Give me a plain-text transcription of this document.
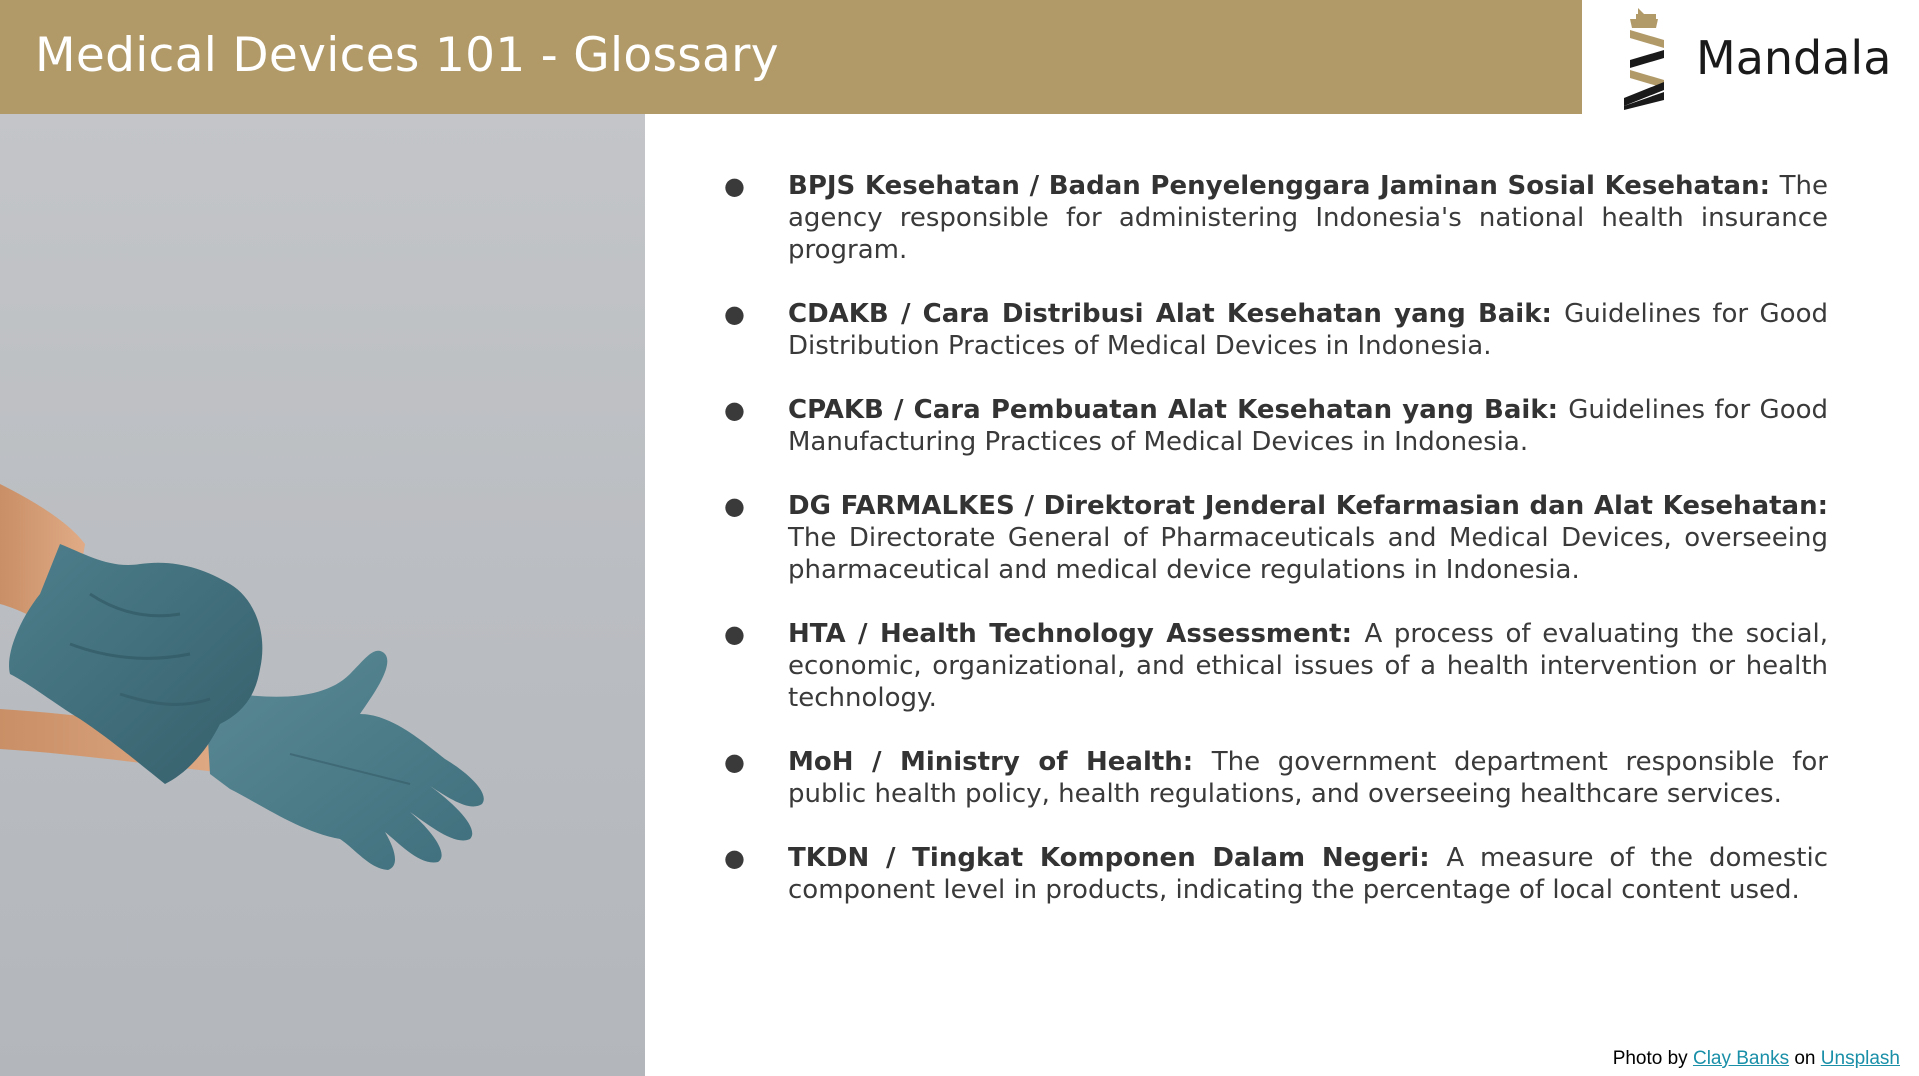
Medical Devices 101 - Glossary	Mandala
● BPJS Kesehatan / Badan Penyelenggara Jaminan Sosial Kesehatan: The agency responsible for administering Indonesia's national health insurance program.
● CDAKB / Cara Distribusi Alat Kesehatan yang Baik: Guidelines for Good Distribution Practices of Medical Devices in Indonesia.
● CPAKB / Cara Pembuatan Alat Kesehatan yang Baik: Guidelines for Good Manufacturing Practices of Medical Devices in Indonesia.
● DG FARMALKES / Direktorat Jenderal Kefarmasian dan Alat Kesehatan: The Directorate General of Pharmaceuticals and Medical Devices, overseeing pharmaceutical and medical device regulations in Indonesia.
● HTA / Health Technology Assessment: A process of evaluating the social, economic, organizational, and ethical issues of a health intervention or health technology.
● MoH / Ministry of Health: The government department responsible for public health policy, health regulations, and overseeing healthcare services.
● TKDN / Tingkat Komponen Dalam Negeri: A measure of the domestic component level in products, indicating the percentage of local content used.
Photo by Clay Banks on Unsplash
